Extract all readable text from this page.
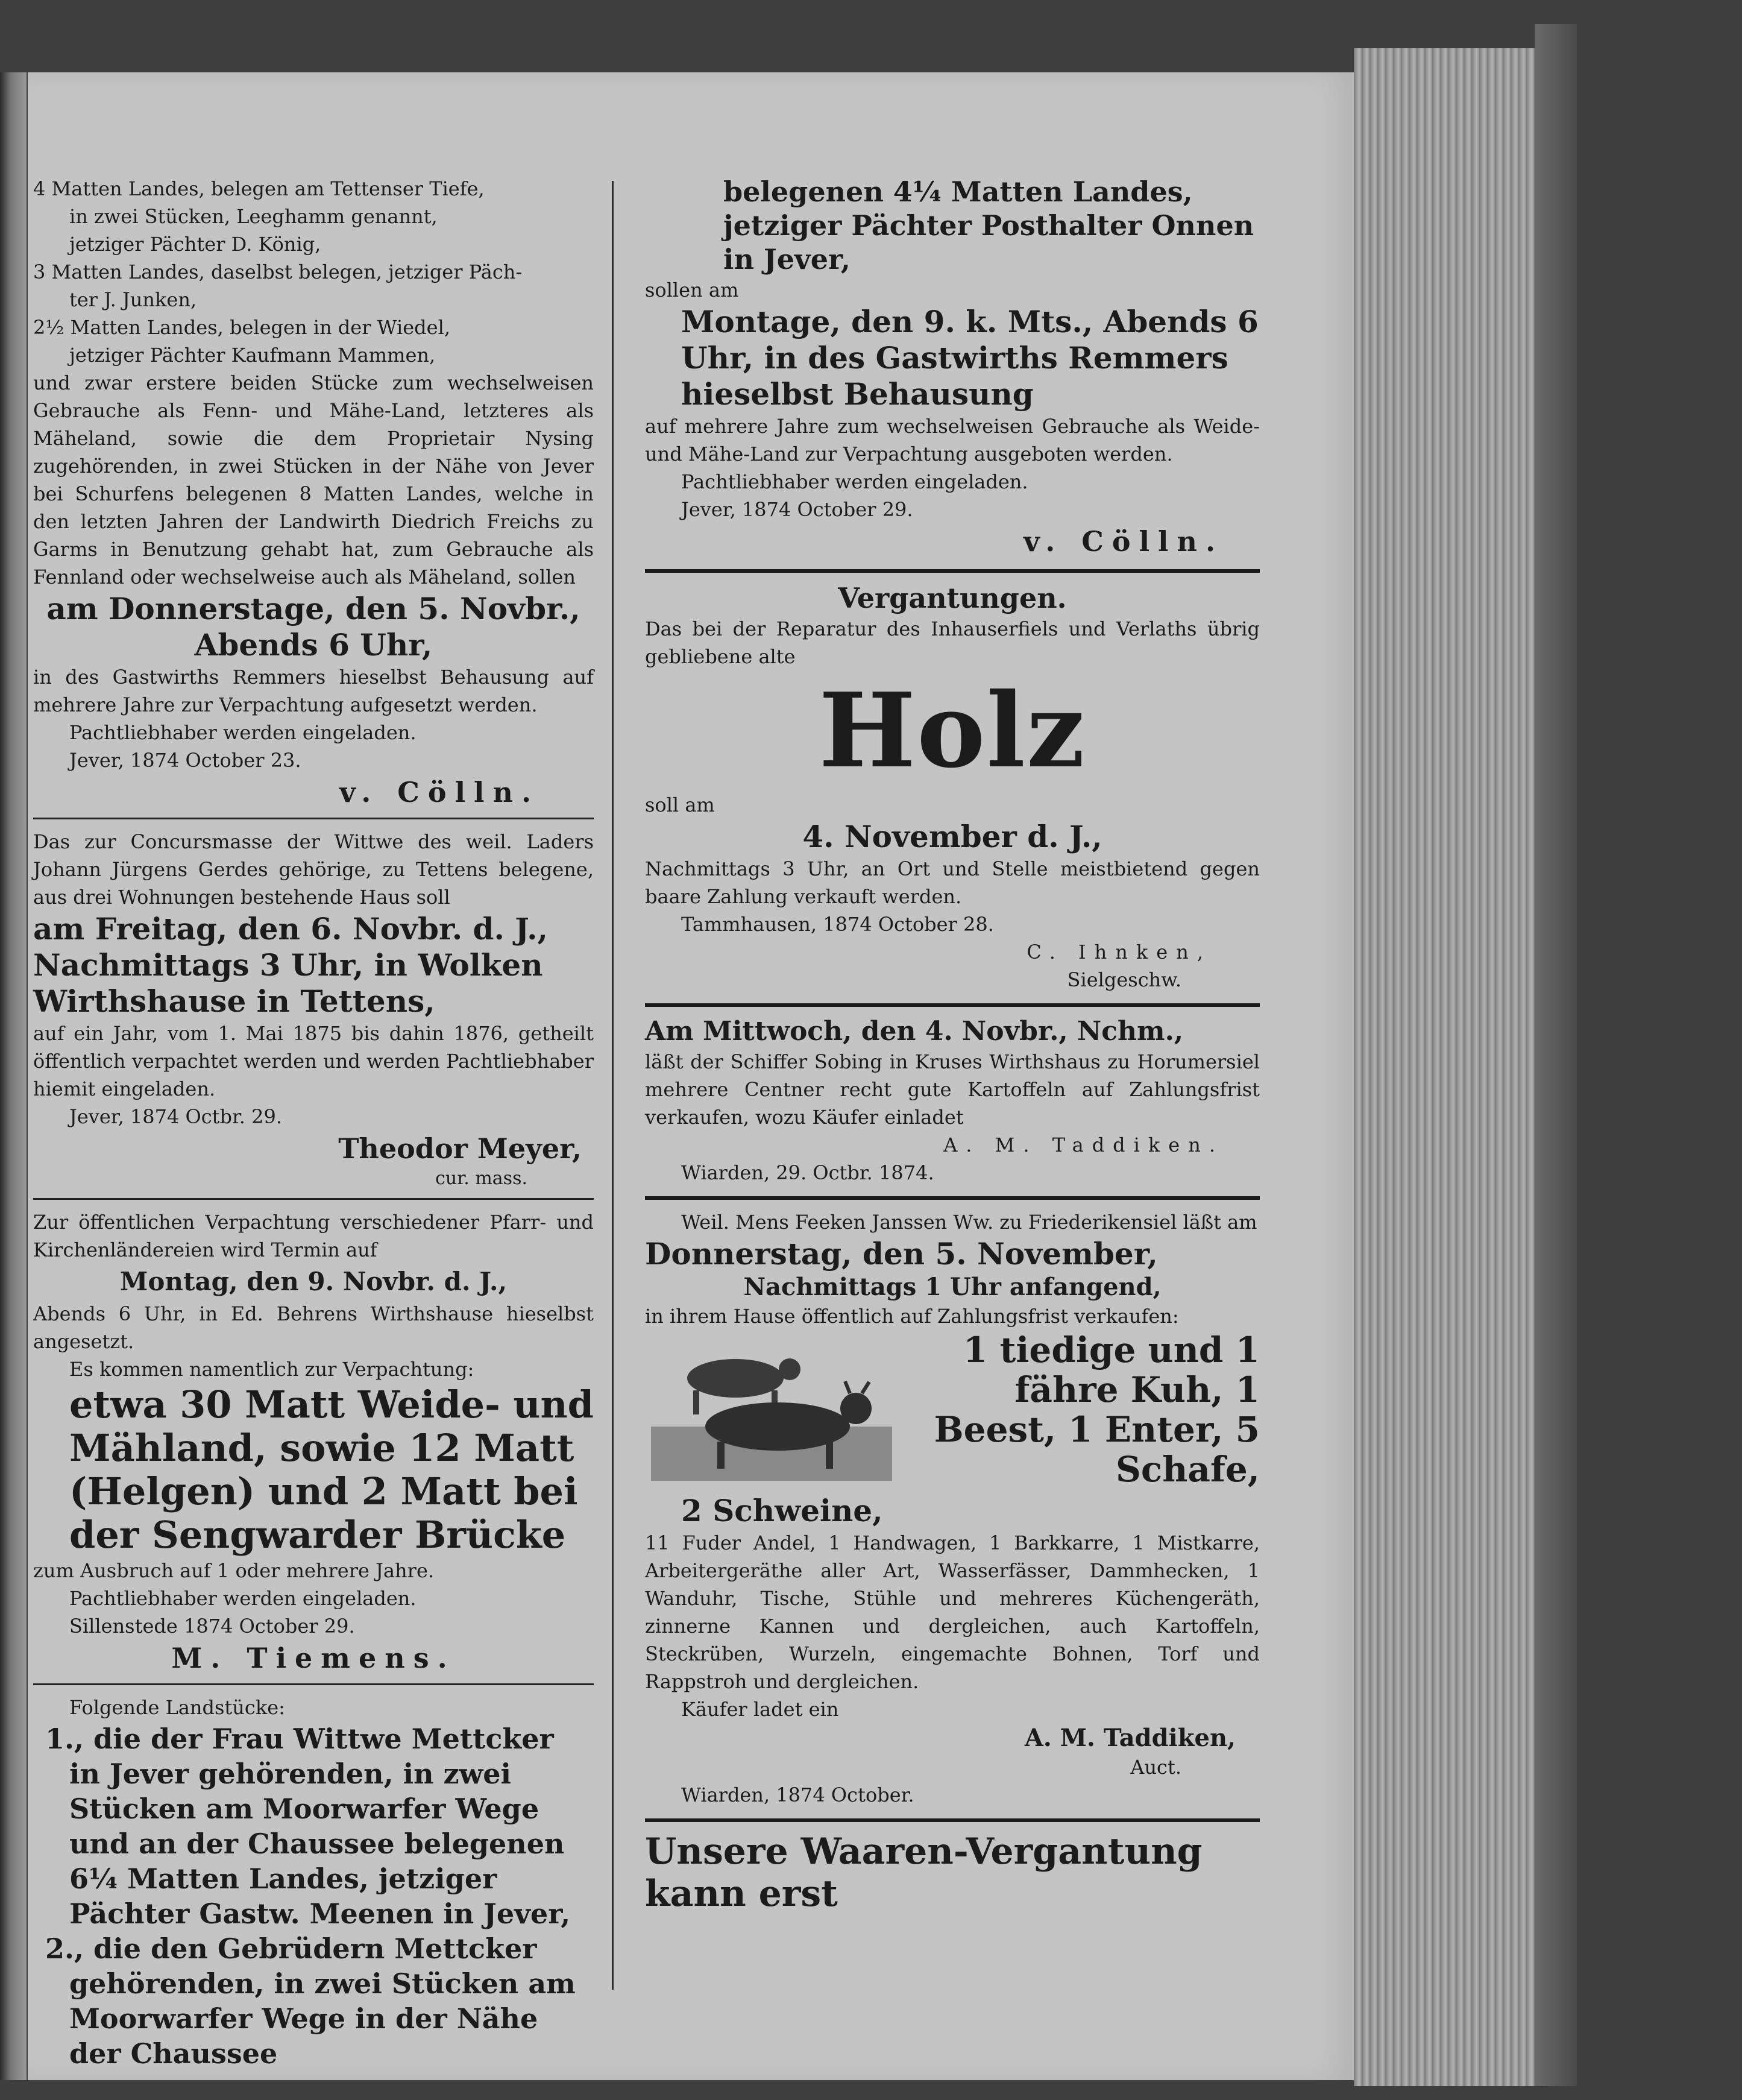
4 Matten Landes, belegen am Tettenser Tiefe,

in zwei Stücken, Leeghamm genannt,

jetziger Pächter D. König,

3 Matten Landes, daselbst belegen, jetziger Päch-

ter J. Junken,

2½ Matten Landes, belegen in der Wiedel,

jetziger Pächter Kaufmann Mammen,

und zwar erstere beiden Stücke zum wechselweisen Gebrauche als Fenn- und Mähe-Land, letzteres als Mäheland, sowie die dem Proprietair Nysing zugehörenden, in zwei Stücken in der Nähe von Jever bei Schurfens belegenen 8 Matten Landes, welche in den letzten Jahren der Landwirth Diedrich Freichs zu Garms in Benutzung gehabt hat, zum Gebrauche als Fennland oder wechselweise auch als Mäheland, sollen

am Donnerstage, den 5. Novbr.,

Abends 6 Uhr,

in des Gastwirths Remmers hieselbst Behausung auf mehrere Jahre zur Verpachtung aufgesetzt werden.

Pachtliebhaber werden eingeladen.

Jever, 1874 October 23.

v. Cölln.

Das zur Concursmasse der Wittwe des weil. Laders Johann Jürgens Gerdes gehörige, zu Tettens belegene, aus drei Wohnungen bestehende Haus soll

am Freitag, den 6. Novbr. d. J., Nachmittags 3 Uhr, in Wolken Wirthshause in Tettens,

auf ein Jahr, vom 1. Mai 1875 bis dahin 1876, getheilt öffentlich verpachtet werden und werden Pachtliebhaber hiemit eingeladen.

Jever, 1874 Octbr. 29.

Theodor Meyer,

cur. mass.

Zur öffentlichen Verpachtung verschiedener Pfarr- und Kirchenländereien wird Termin auf

Montag, den 9. Novbr. d. J.,

Abends 6 Uhr, in Ed. Behrens Wirthshause hieselbst angesetzt.

Es kommen namentlich zur Verpachtung:

etwa 30 Matt Weide- und Mähland, sowie 12 Matt (Helgen) und 2 Matt bei der Sengwarder Brücke

zum Ausbruch auf 1 oder mehrere Jahre.

Pachtliebhaber werden eingeladen.

Sillenstede 1874 October 29.

M. Tiemens.

Folgende Landstücke:

1., die der Frau Wittwe Mettcker in Jever gehörenden, in zwei Stücken am Moorwarfer Wege und an der Chaussee belegenen 6¼ Matten Landes, jetziger Pächter Gastw. Meenen in Jever,

2., die den Gebrüdern Mettcker gehörenden, in zwei Stücken am Moorwarfer Wege in der Nähe der Chaussee

belegenen 4¼ Matten Landes, jetziger Pächter Posthalter Onnen in Jever,

sollen am

Montage, den 9. k. Mts., Abends 6 Uhr, in des Gastwirths Remmers hieselbst Behausung

auf mehrere Jahre zum wechselweisen Gebrauche als Weide- und Mähe-Land zur Verpachtung ausgeboten werden.

Pachtliebhaber werden eingeladen.

Jever, 1874 October 29.

v. Cölln.

Vergantungen.

Das bei der Reparatur des Inhauserfiels und Verlaths übrig gebliebene alte

Holz

soll am

4. November d. J.,

Nachmittags 3 Uhr, an Ort und Stelle meistbietend gegen baare Zahlung verkauft werden.

Tammhausen, 1874 October 28.

C. Ihnken,

Sielgeschw.

Am Mittwoch, den 4. Novbr., Nchm.,

läßt der Schiffer Sobing in Kruses Wirthshaus zu Horumersiel mehrere Centner recht gute Kartoffeln auf Zahlungsfrist verkaufen, wozu Käufer einladet

A. M. Taddiken.

Wiarden, 29. Octbr. 1874.

Weil. Mens Feeken Janssen Ww. zu Friederikensiel läßt am

Donnerstag, den 5. November,

Nachmittags 1 Uhr anfangend,

in ihrem Hause öffentlich auf Zahlungsfrist verkaufen:

1 tiedige und 1 fähre Kuh, 1 Beest, 1 Enter, 5 Schafe,

2 Schweine,

11 Fuder Andel, 1 Handwagen, 1 Barkkarre, 1 Mistkarre, Arbeitergeräthe aller Art, Wasserfässer, Dammhecken, 1 Wanduhr, Tische, Stühle und mehreres Küchengeräth, zinnerne Kannen und dergleichen, auch Kartoffeln, Steckrüben, Wurzeln, eingemachte Bohnen, Torf und Rappstroh und dergleichen.

Käufer ladet ein

A. M. Taddiken,

Auct.

Wiarden, 1874 October.

Unsere Waaren-Vergantung kann erst
